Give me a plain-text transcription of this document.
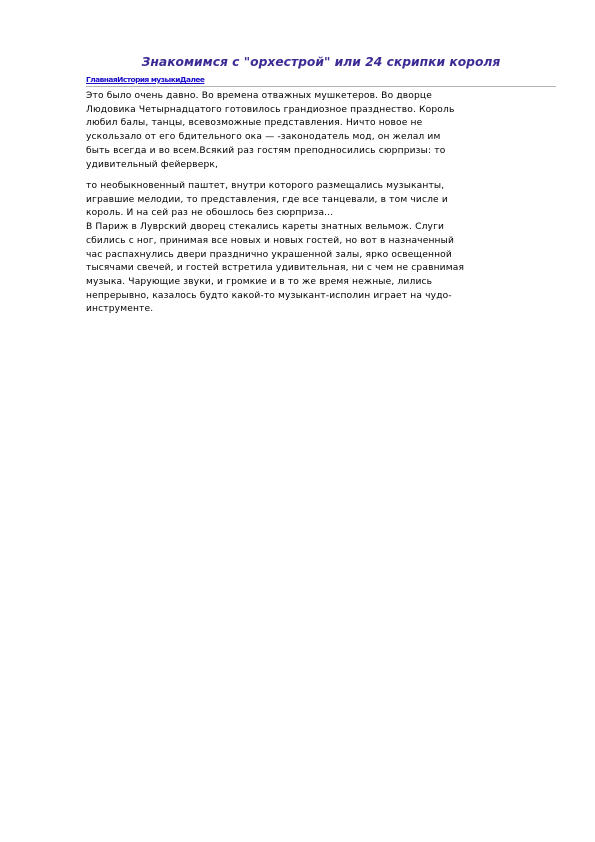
Знакомимся с "орхестрой" или 24 скрипки короля
ГлавнаяИстория музыкиДалее
Это было очень давно. Во времена отважных мушкетеров. Во дворце
Людовика Четырнадцатого готовилось грандиозное празднество. Король
любил балы, танцы, всевозможные представления. Ничто новое не
ускользало от его бдительного ока — -законодатель мод, он желал им
быть всегда и во всем.Всякий раз гостям преподносились сюрпризы: то
удивительный фейерверк,
то необыкновенный паштет, внутри которого размещались музыканты,
игравшие мелодии, то представления, где все танцевали, в том числе и
король. И на сей раз не обошлось без сюрприза...
В Париж в Луврский дворец стекались кареты знатных вельмож. Слуги
сбились с ног, принимая все новых и новых гостей, но вот в назначенный
час распахнулись двери празднично украшенной залы, ярко освещенной
тысячами свечей, и гостей встретила удивительная, ни с чем не сравнимая
музыка. Чарующие звуки, и громкие и в то же время нежные, лились
непрерывно, казалось будто какой-то музыкант-исполин играет на чудо-
инструменте.
